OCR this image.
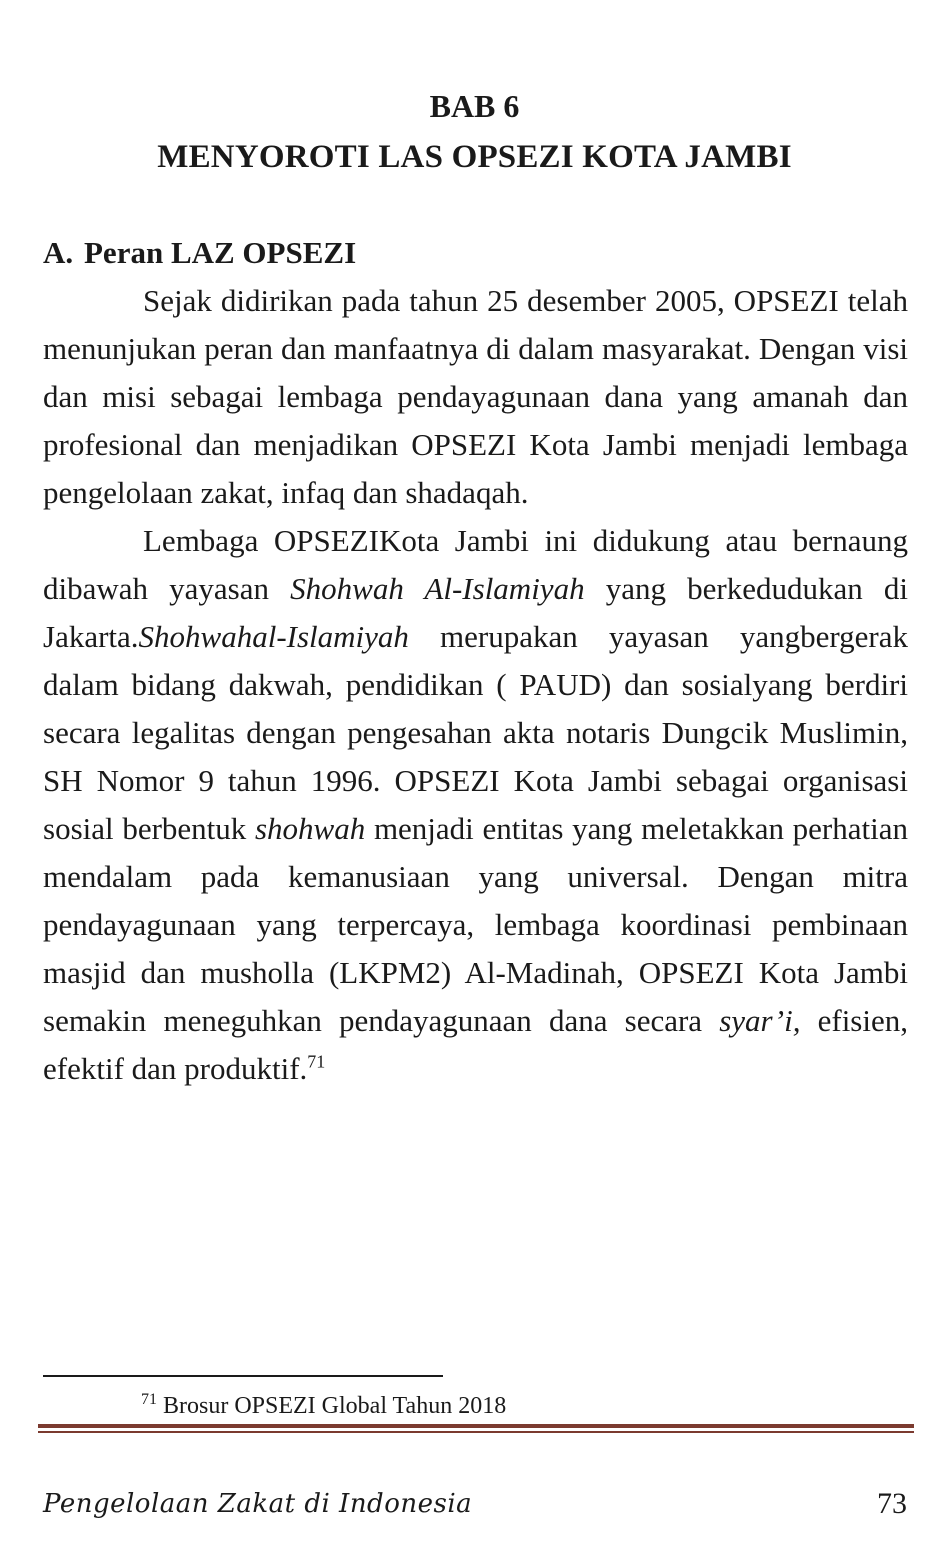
BAB 6
MENYOROTI LAS OPSEZI KOTA JAMBI
A. Peran LAZ OPSEZI

Sejak didirikan pada tahun 25 desember 2005, OPSEZI telah menunjukan peran dan manfaatnya di dalam masyarakat. Dengan visi dan misi sebagai lembaga pendayagunaan dana yang amanah dan profesional dan menjadikan OPSEZI Kota Jambi menjadi lembaga pengelolaan zakat, infaq dan shadaqah.

Lembaga OPSEZIKota Jambi ini didukung atau bernaung dibawah yayasan Shohwah Al-Islamiyah yang berkedudukan di Jakarta.Shohwahal-Islamiyah merupakan yayasan yangbergerak dalam bidang dakwah, pendidikan ( PAUD) dan sosialyang berdiri secara legalitas dengan pengesahan akta notaris Dungcik Muslimin, SH Nomor 9 tahun 1996. OPSEZI Kota Jambi sebagai organisasi sosial berbentuk shohwah menjadi entitas yang meletakkan perhatian mendalam pada kemanusiaan yang universal. Dengan mitra pendayagunaan yang terpercaya, lembaga koordinasi pembinaan masjid dan musholla (LKPM2) Al-Madinah, OPSEZI Kota Jambi semakin meneguhkan pendayagunaan dana secara syar’i, efisien, efektif dan produktif.$^{71}$

$^{71}$ Brosur OPSEZI Global Tahun 2018
Pengelolaan Zakat di Indonesia	73
